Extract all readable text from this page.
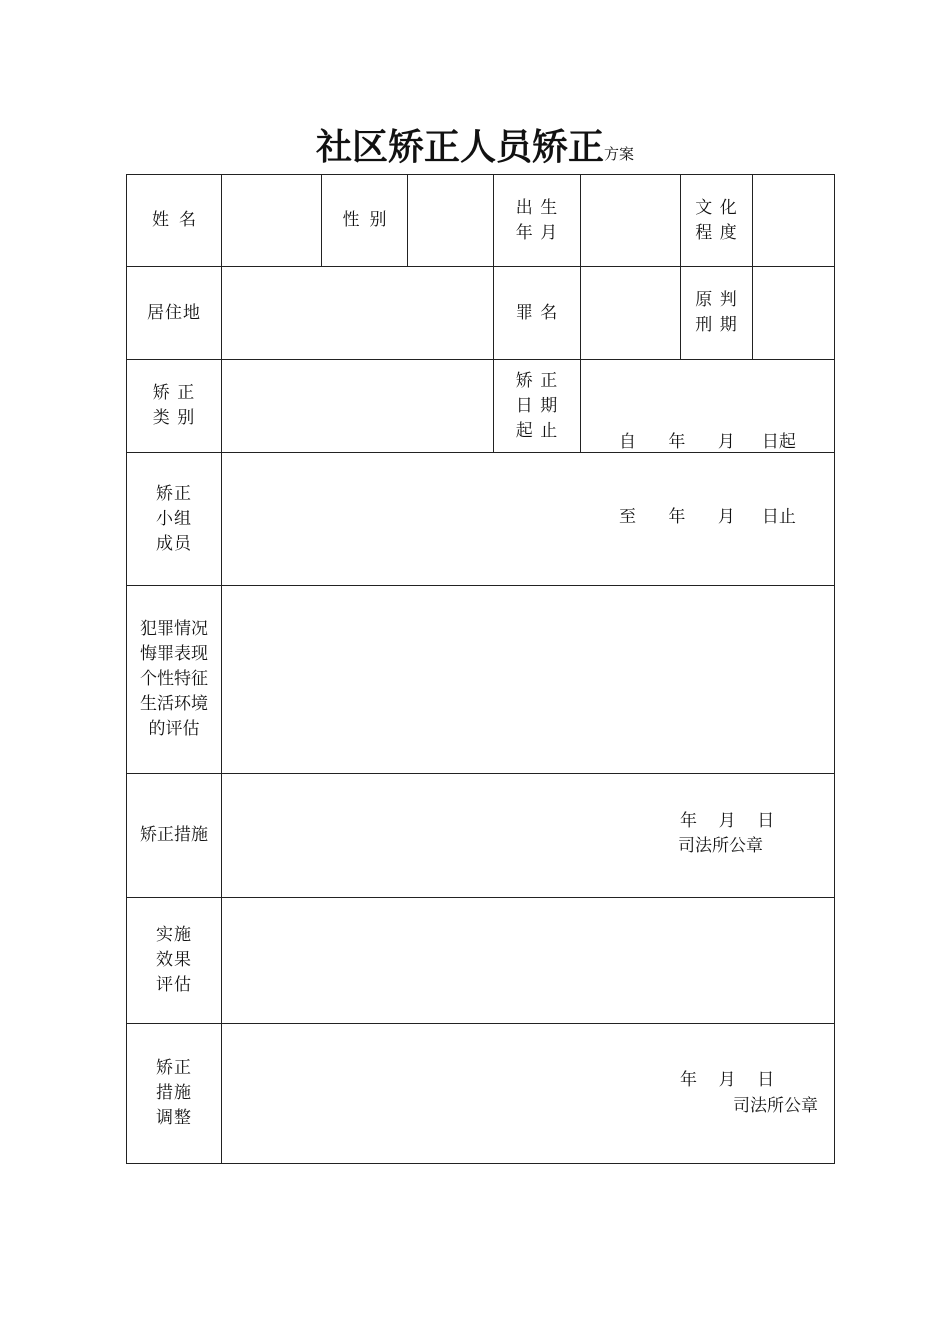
社区矫正人员矫正方案
姓名	性别
出 生
年 月
文 化
程 度
居住地	罪 名
原 判
刑 期
矫 正
类 别
矫 正
日 期
起 止

自      年      月     日起

至      年      月     日止

矫正
小组
成员
犯罪情况
悔罪表现
个性特征
生活环境
的评估
矫正措施
年    月    日
司法所公章
实施
效果
评估
矫正
措施
调整
年    月    日
司法所公章
